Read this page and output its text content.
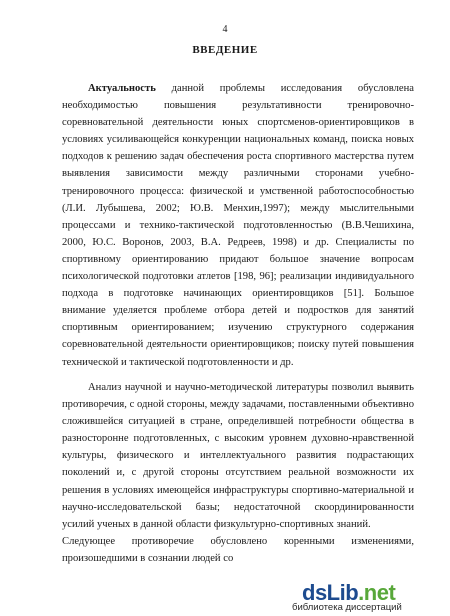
4
ВВЕДЕНИЕ
Актуальность данной проблемы исследования обусловлена
необходимостью повышения результативности тренировочно-
соревновательной деятельности юных спортсменов-ориентировщиков в
условиях усиливающейся конкуренции национальных команд, поиска новых
подходов к решению задач обеспечения роста спортивного мастерства путем
выявления зависимости между различными сторонами учебно-
тренировочного процесса: физической и умственной работоспособностью
(Л.И. Лубышева, 2002; Ю.В. Менхин,1997); между мыслительными
процессами и технико-тактической подготовленностью (В.В.Чешихина,
2000, Ю.С. Воронов, 2003, В.А. Редреев, 1998) и др. Специалисты по
спортивному ориентированию придают большое значение вопросам
психологической подготовки атлетов [198, 96]; реализации индивидуального
подхода в подготовке начинающих ориентировщиков [51]. Большое
внимание уделяется проблеме отбора детей и подростков для занятий
спортивным ориентированием; изучению структурного содержания
соревновательной деятельности ориентировщиков; поиску путей повышения
технической и тактической подготовленности и др.
Анализ научной и научно-методической литературы позволил выявить
противоречия, с одной стороны, между задачами, поставленными объективно
сложившейся ситуацией в стране, определившей потребности общества в
разносторонне подготовленных, с высоким уровнем духовно-нравственной
культуры, физического и интеллектуального развития подрастающих
поколений и, с другой стороны отсутствием реальной возможности их
решения в условиях имеющейся инфраструктуры спортивно-материальной и
научно-исследовательской базы; недостаточной скоординированности
усилий ученых в данной области физкультурно-спортивных знаний.
Следующее противоречие обусловлено коренными изменениями,
произошедшими в сознании людей со
dsLib.net
библиотека диссертаций
